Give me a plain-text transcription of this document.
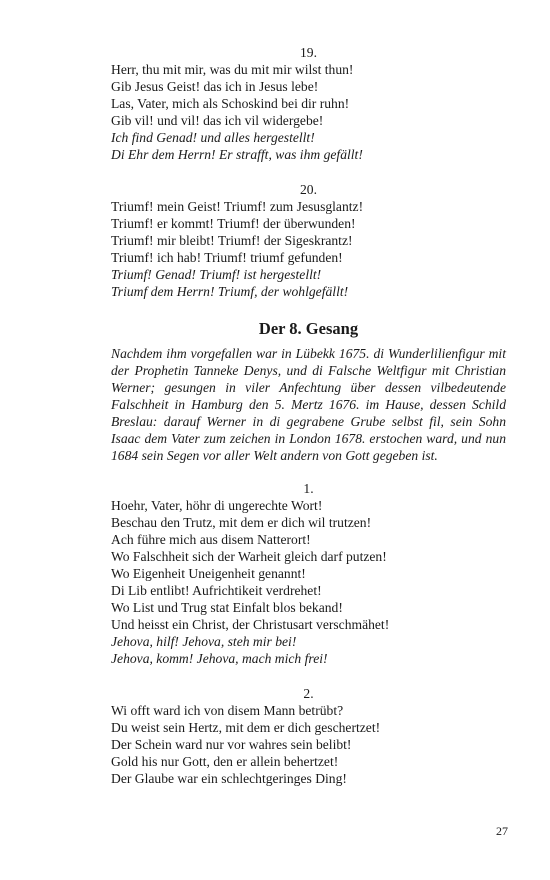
19.
Herr, thu mit mir, was du mit mir wilst thun!
Gib Jesus Geist! das ich in Jesus lebe!
Las, Vater, mich als Schoskind bei dir ruhn!
Gib vil! und vil! das ich vil widergebe!
Ich find Genad! und alles hergestellt!
Di Ehr dem Herrn! Er strafft, was ihm gefällt!
20.
Triumf! mein Geist! Triumf! zum Jesusglantz!
Triumf! er kommt! Triumf! der überwunden!
Triumf! mir bleibt! Triumf! der Sigeskrantz!
Triumf! ich hab! Triumf! triumf gefunden!
Triumf! Genad! Triumf! ist hergestellt!
Triumf dem Herrn! Triumf, der wohlgefällt!
Der 8. Gesang
Nachdem ihm vorgefallen war in Lübekk 1675. di Wunderlilienfigur mit der Prophetin Tanneke Denys, und di Falsche Weltfigur mit Christian Werner; gesungen in viler Anfechtung über dessen vilbedeutende Falschheit in Hamburg den 5. Mertz 1676. im Hause, dessen Schild Breslau: darauf Werner in di gegrabene Grube selbst fil, sein Sohn Isaac dem Vater zum zeichen in London 1678. erstochen ward, und nun 1684 sein Segen vor aller Welt andern von Gott gegeben ist.
1.
Hoehr, Vater, höhr di ungerechte Wort!
Beschau den Trutz, mit dem er dich wil trutzen!
Ach führe mich aus disem Natterort!
Wo Falschheit sich der Warheit gleich darf putzen!
Wo Eigenheit Uneigenheit genannt!
Di Lib entlibt! Aufrichtikeit verdrehet!
Wo List und Trug stat Einfalt blos bekand!
Und heisst ein Christ, der Christusart verschmähet!
Jehova, hilf! Jehova, steh mir bei!
Jehova, komm! Jehova, mach mich frei!
2.
Wi offt ward ich von disem Mann betrübt?
Du weist sein Hertz, mit dem er dich geschertzet!
Der Schein ward nur vor wahres sein belibt!
Gold his nur Gott, den er allein behertzet!
Der Glaube war ein schlechtgeringes Ding!
27
